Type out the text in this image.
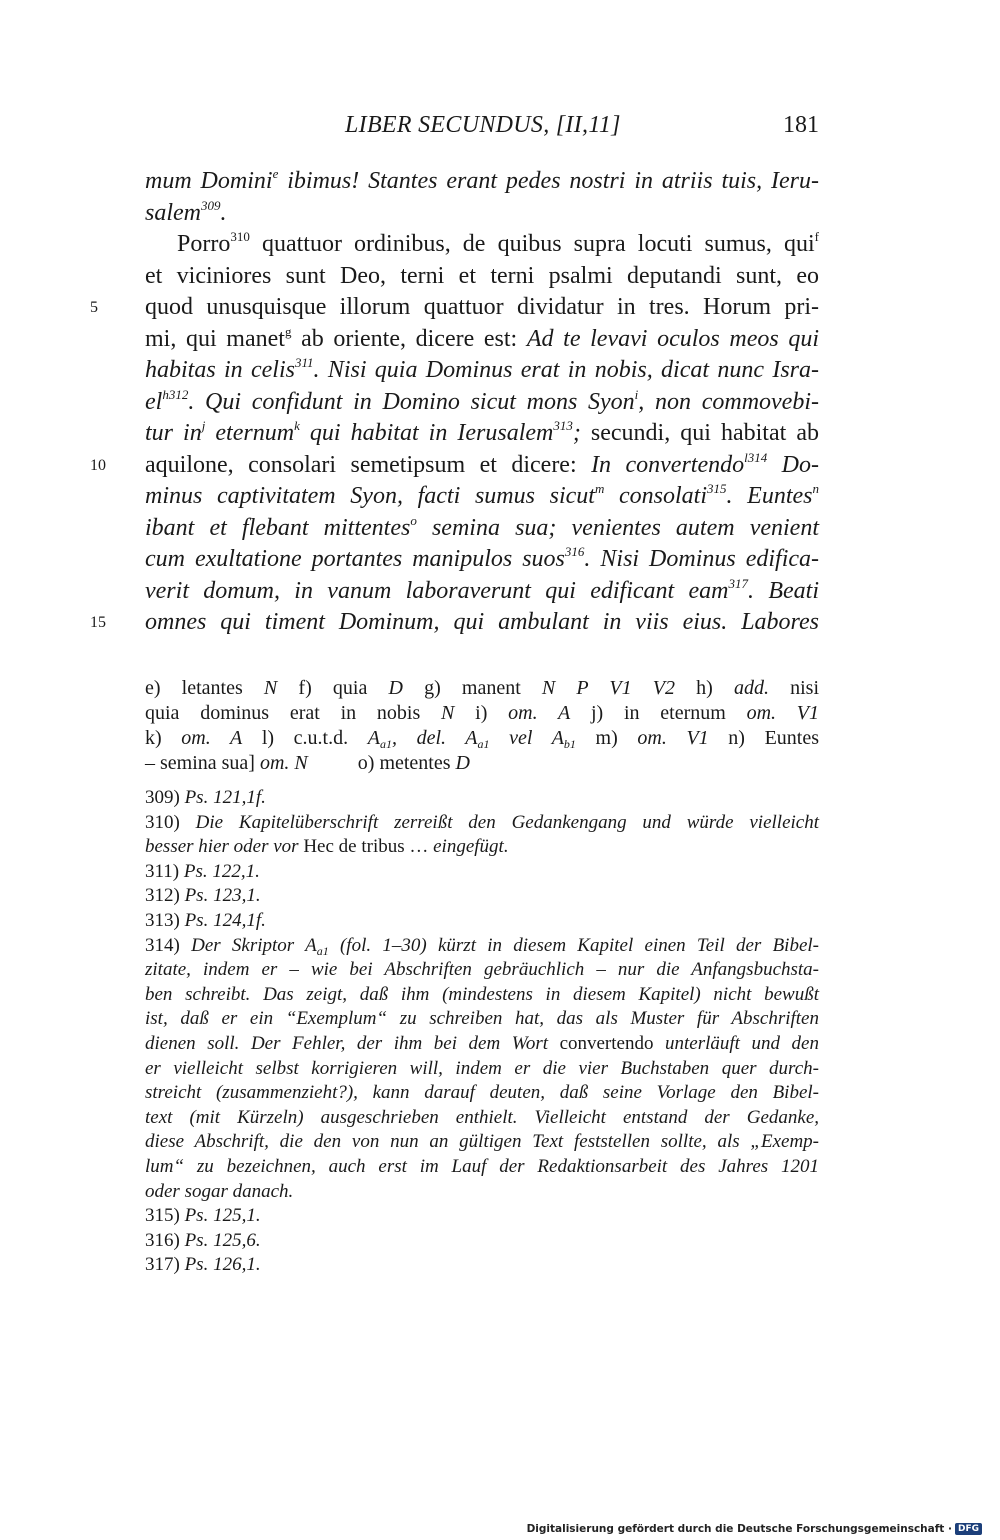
LIBER SECUNDUS, [II,11]	181
mum Domini$^e$ ibimus! Stantes erant pedes nostri in atriis tuis, Ieru-
salem$^{309}$.
Porro$^{310}$ quattuor ordinibus, de quibus supra locuti sumus, qui$^f$
et viciniores sunt Deo, terni et terni psalmi deputandi sunt, eo
5	quod unusquisque illorum quattuor dividatur in tres. Horum pri-
mi, qui manet$^g$ ab oriente, dicere est: Ad te levavi oculos meos qui
habitas in celis$^{311}$. Nisi quia Dominus erat in nobis, dicat nunc Isra-
$el^{h312}$. Qui confidunt in Domino sicut mons Syon$^i$, non commovebi-
tur $in^j$ eternum$^k$ qui habitat in Ierusalem$^{313}$; secundi, qui habitat ab
10 aquilone, consolari semetipsum et dicere: In convertendo$^{l314}$ Do-
minus captivitatem Syon, facti sumus sicut$^m$ consolati$^{315}$. Euntes$^n$
ibant et flebant mittentes$^o$ semina sua; venientes autem venient
cum exultatione portantes manipulos suos$^{316}$. Nisi Dominus edifica-
verit domum, in vanum laboraverunt qui edificant eam$^{317}$. Beati
15 omnes qui timent Dominum, qui ambulant in viis eius. Labores
e) letantes N f) quia D g) manent N P V1 V2 h) add. nisi
quia dominus erat in nobis N i) om. A j) in eternum om. V1
k) om. A l) c.u.t.d. $A_{a1}$, del. $A_{a1}$ vel $A_{b1}$ m) om. V1 n) Euntes
– semina sua] om. N	o) metentes D
309) Ps. 121,1f.
310) Die Kapitelüberschrift zerreißt den Gedankengang und würde vielleicht
besser hier oder vor Hec de tribus … eingefügt.
311) Ps. 122,1.
312) Ps. 123,1.
313) Ps. 124,1f.
314) Der Skriptor $A_{a1}$ (fol. 1–30) kürzt in diesem Kapitel einen Teil der Bibel-
zitate, indem er – wie bei Abschriften gebräuchlich – nur die Anfangsbuchsta-
ben schreibt. Das zeigt, daß ihm (mindestens in diesem Kapitel) nicht bewußt
ist, daß er ein “Exemplum“ zu schreiben hat, das als Muster für Abschriften
dienen soll. Der Fehler, der ihm bei dem Wort convertendo unterläuft und den
er vielleicht selbst korrigieren will, indem er die vier Buchstaben quer durch-
streicht (zusammenzieht?), kann darauf deuten, daß seine Vorlage den Bibel-
text (mit Kürzeln) ausgeschrieben enthielt. Vielleicht entstand der Gedanke,
diese Abschrift, die den von nun an gültigen Text feststellen sollte, als „Exemp-
lum“ zu bezeichnen, auch erst im Lauf der Redaktionsarbeit des Jahres 1201
oder sogar danach.
315) Ps. 125,1.
316) Ps. 125,6.
317) Ps. 126,1.
Digitalisierung gefördert durch die Deutsche Forschungsgemeinschaft · DFG
